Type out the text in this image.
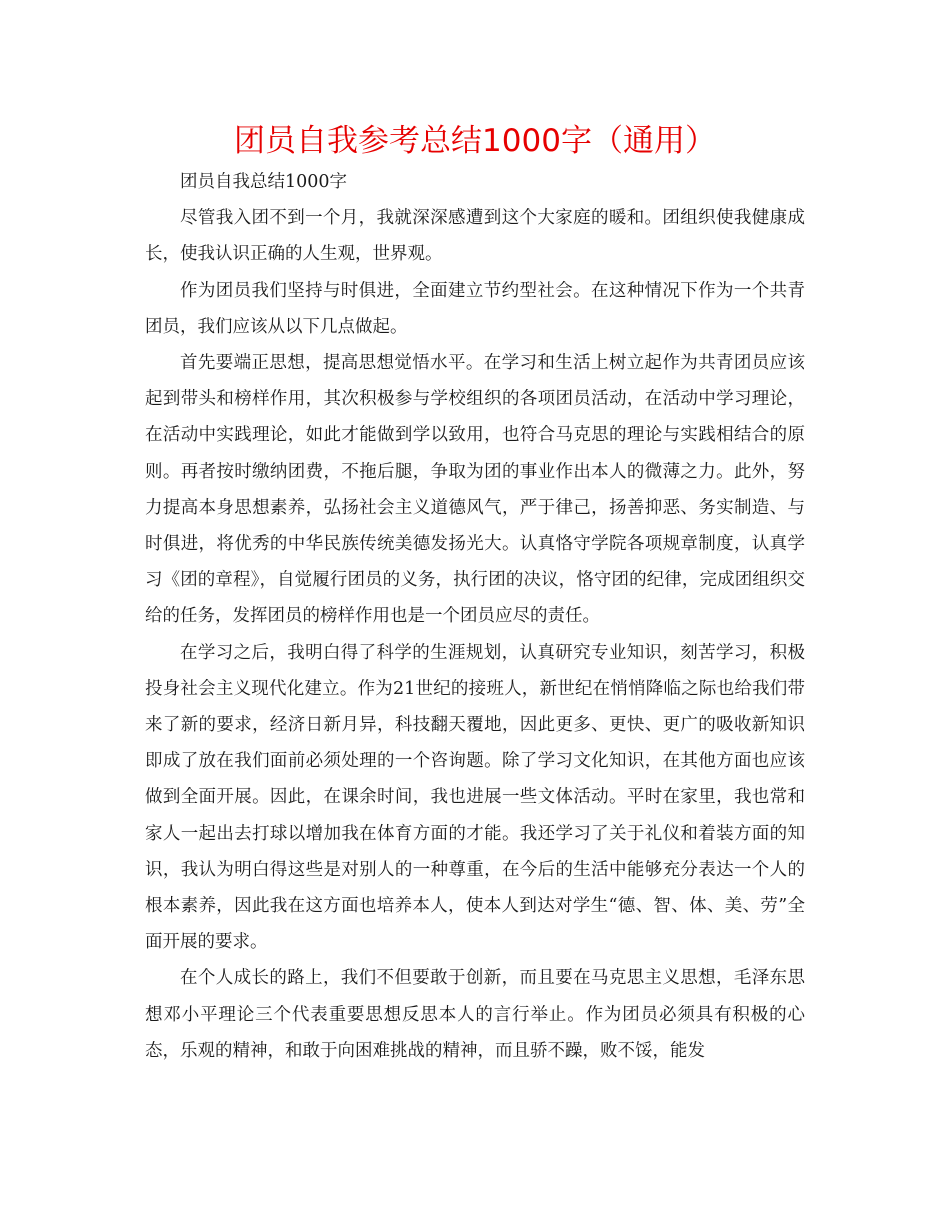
团员自我参考总结1000字（通用）

团员自我总结1000字

尽管我入团不到一个月，我就深深感遭到这个大家庭的暖和。团组织使我健康成长，使我认识正确的人生观，世界观。

作为团员我们坚持与时俱进，全面建立节约型社会。在这种情况下作为一个共青团员，我们应该从以下几点做起。

首先要端正思想，提高思想觉悟水平。在学习和生活上树立起作为共青团员应该起到带头和榜样作用，其次积极参与学校组织的各项团员活动，在活动中学习理论，在活动中实践理论，如此才能做到学以致用，也符合马克思的理论与实践相结合的原则。再者按时缴纳团费，不拖后腿，争取为团的事业作出本人的微薄之力。此外，努力提高本身思想素养，弘扬社会主义道德风气，严于律己，扬善抑恶、务实制造、与时俱进，将优秀的中华民族传统美德发扬光大。认真恪守学院各项规章制度，认真学习《团的章程》，自觉履行团员的义务，执行团的决议，恪守团的纪律，完成团组织交给的任务，发挥团员的榜样作用也是一个团员应尽的责任。

在学习之后，我明白得了科学的生涯规划，认真研究专业知识，刻苦学习，积极投身社会主义现代化建立。作为21世纪的接班人，新世纪在悄悄降临之际也给我们带来了新的要求，经济日新月异，科技翻天覆地，因此更多、更快、更广的吸收新知识即成了放在我们面前必须处理的一个咨询题。除了学习文化知识，在其他方面也应该做到全面开展。因此，在课余时间，我也进展一些文体活动。平时在家里，我也常和家人一起出去打球以增加我在体育方面的才能。我还学习了关于礼仪和着装方面的知识，我认为明白得这些是对别人的一种尊重，在今后的生活中能够充分表达一个人的根本素养，因此我在这方面也培养本人，使本人到达对学生“德、智、体、美、劳”全面开展的要求。

在个人成长的路上，我们不但要敢于创新，而且要在马克思主义思想，毛泽东思想邓小平理论三个代表重要思想反思本人的言行举止。作为团员必须具有积极的心态，乐观的精神，和敢于向困难挑战的精神，而且骄不躁，败不馁，能发
